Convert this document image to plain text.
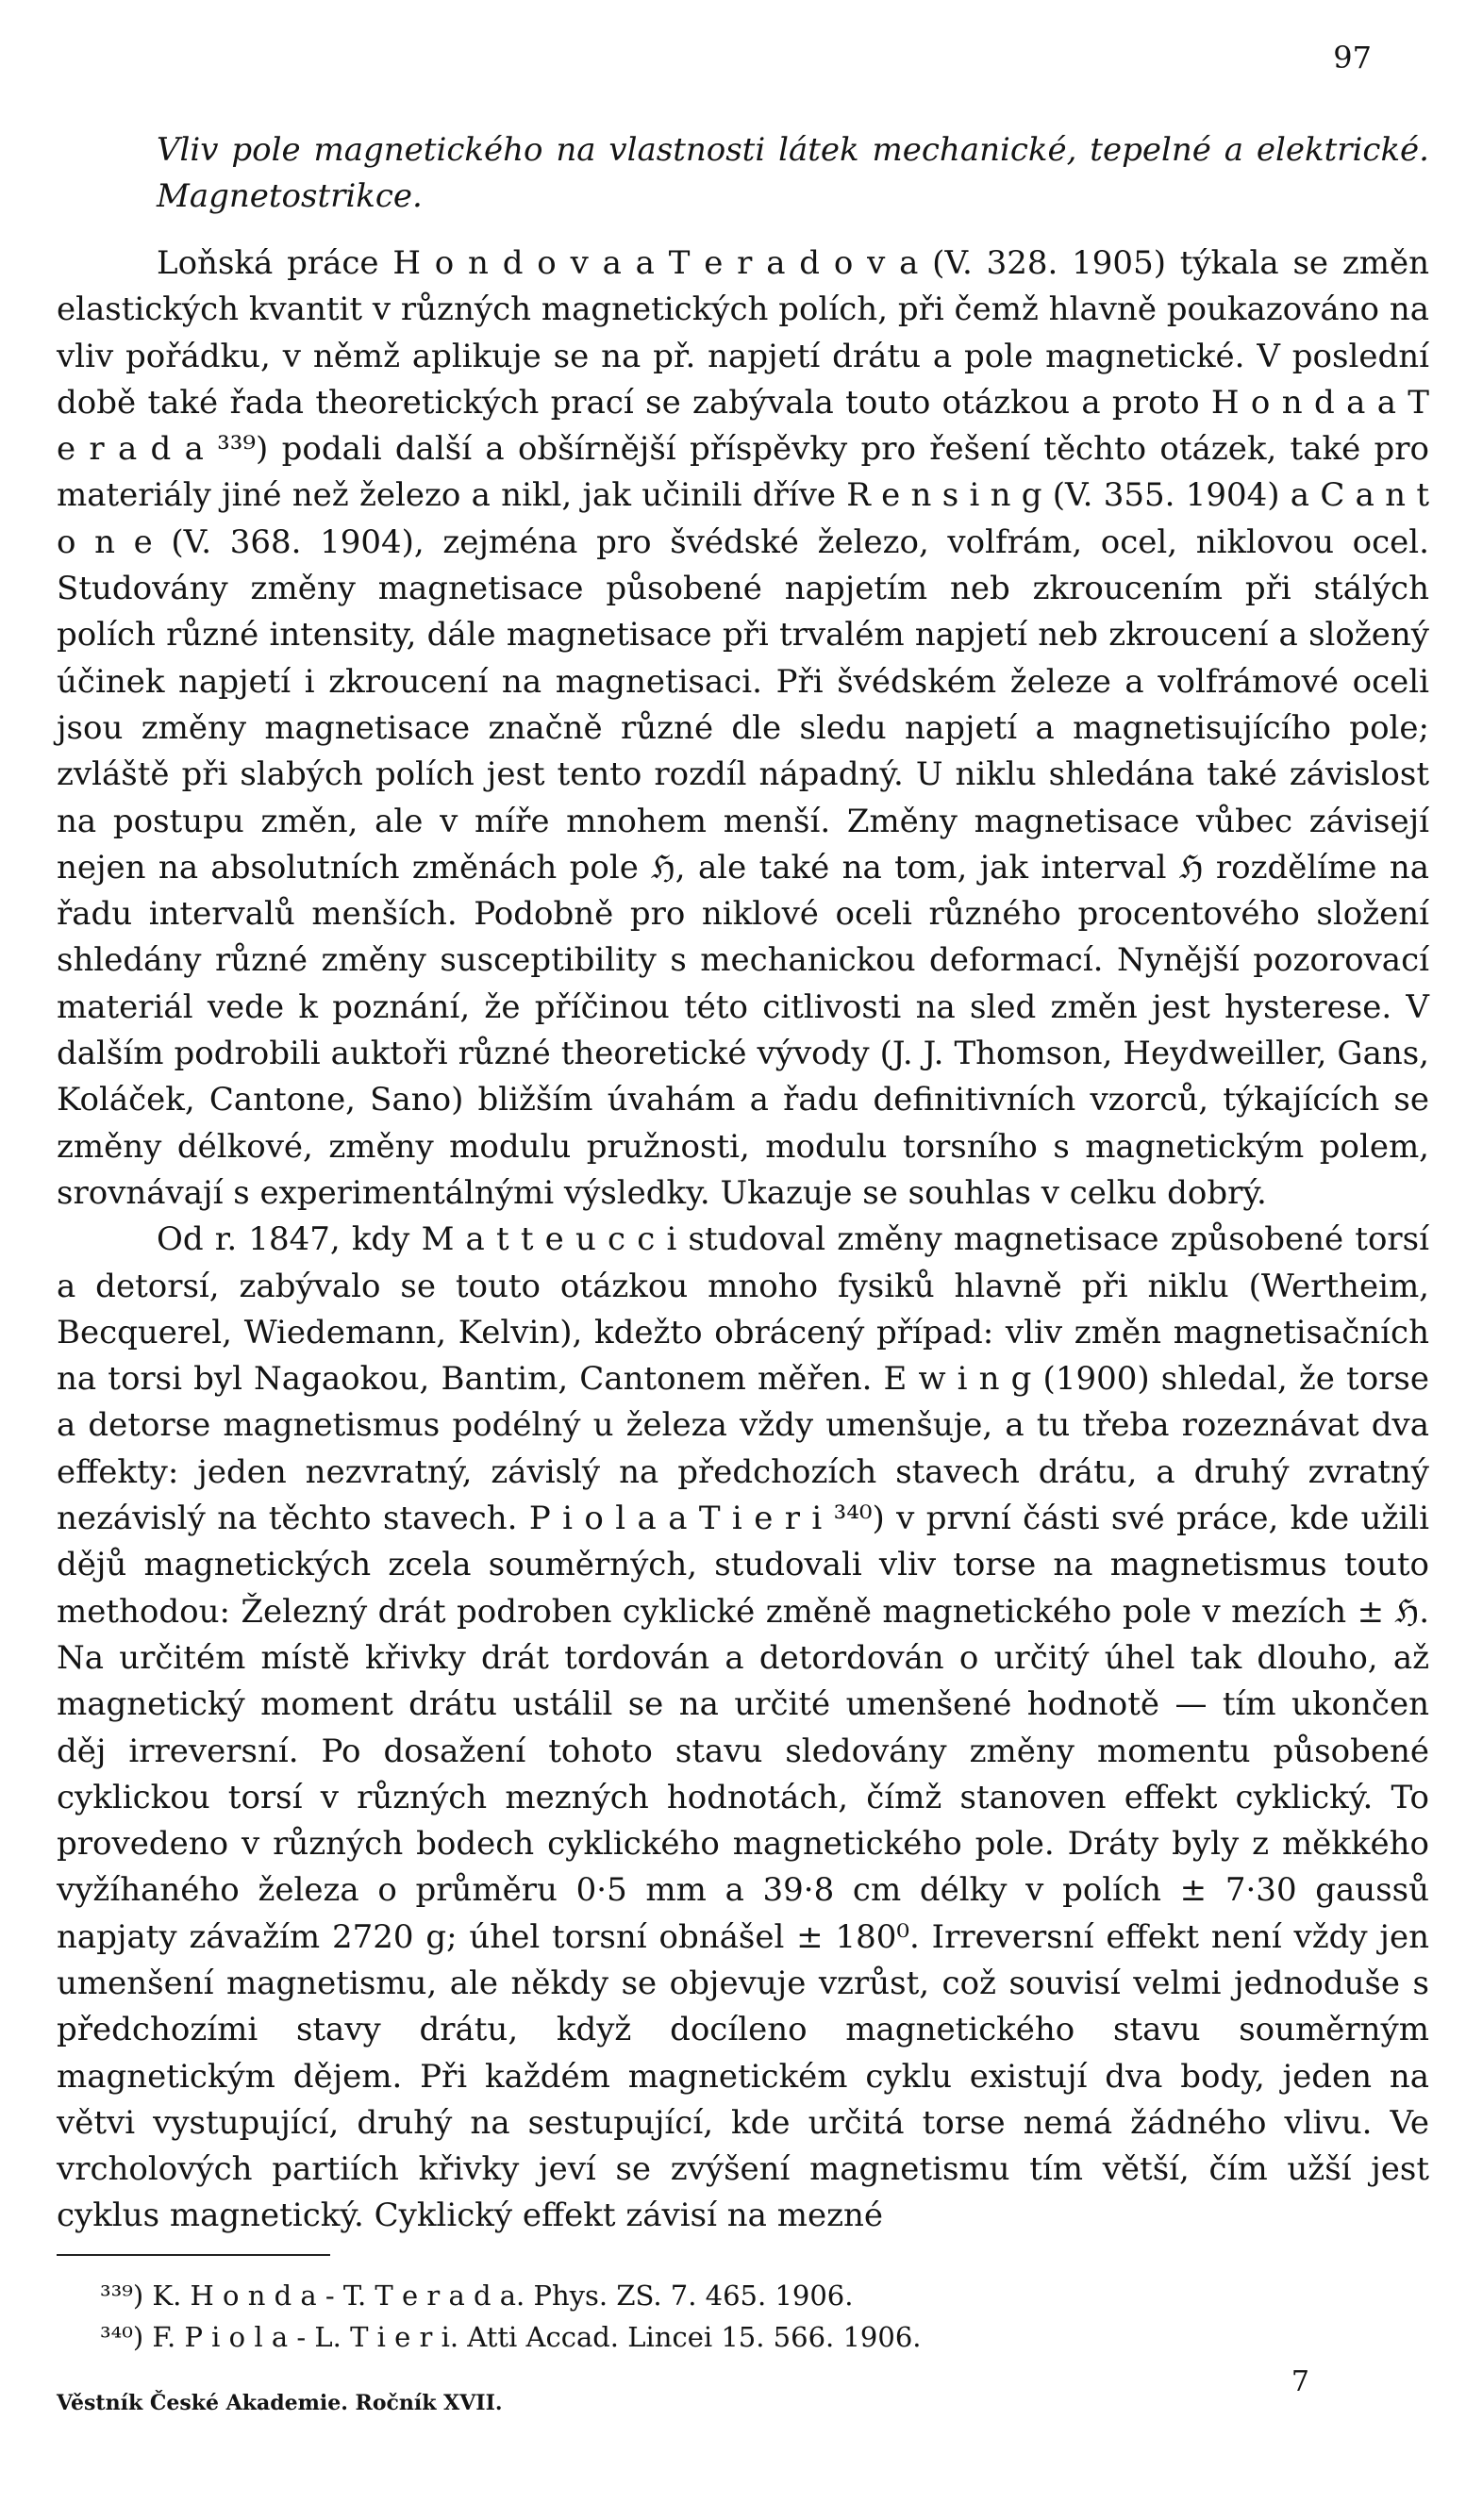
97

Vliv pole magnetického na vlastnosti látek mechanické, tepelné a elektrické. Magnetostrikce.

Loňská práce H o n d o v a a T e r a d o v a (V. 328. 1905) týkala se změn elastických kvantit v různých magnetických polích, při čemž hlavně poukazováno na vliv pořádku, v němž aplikuje se na př. napjetí drátu a pole magnetické. V poslední době také řada theoretických prací se zabývala touto otázkou a proto H o n d a a T e r a d a ³³⁹) podali další a obšírnější příspěvky pro řešení těchto otázek, také pro materiály jiné než železo a nikl, jak učinili dříve R e n s i n g (V. 355. 1904) a C a n t o n e (V. 368. 1904), zejména pro švédské železo, volfrám, ocel, niklovou ocel. Studovány změny magnetisace působené napjetím neb zkroucením při stálých polích různé intensity, dále magnetisace při trvalém napjetí neb zkroucení a složený účinek napjetí i zkroucení na magnetisaci. Při švédském železe a volfrámové oceli jsou změny magnetisace značně různé dle sledu napjetí a magnetisujícího pole; zvláště při slabých polích jest tento rozdíl nápadný. U niklu shledána také závislost na postupu změn, ale v míře mnohem menší. Změny magnetisace vůbec závisejí nejen na absolutních změnách pole ℌ, ale také na tom, jak interval ℌ rozdělíme na řadu intervalů menších. Podobně pro niklové oceli různého procentového složení shledány různé změny susceptibility s mechanickou deformací. Nynější pozorovací materiál vede k poznání, že příčinou této citlivosti na sled změn jest hysterese. V dalším podrobili auktoři různé theoretické vývody (J. J. Thomson, Heydweiller, Gans, Koláček, Cantone, Sano) bližším úvahám a řadu definitivních vzorců, týkajících se změny délkové, změny modulu pružnosti, modulu torsního s magnetickým polem, srovnávají s experimentálnými výsledky. Ukazuje se souhlas v celku dobrý.

Od r. 1847, kdy M a t t e u c c i studoval změny magnetisace způsobené torsí a detorsí, zabývalo se touto otázkou mnoho fysiků hlavně při niklu (Wertheim, Becquerel, Wiedemann, Kelvin), kdežto obrácený případ: vliv změn magnetisačních na torsi byl Nagaokou, Bantim, Cantonem měřen. E w i n g (1900) shledal, že torse a detorse magnetismus podélný u železa vždy umenšuje, a tu třeba rozeznávat dva effekty: jeden nezvratný, závislý na předchozích stavech drátu, a druhý zvratný nezávislý na těchto stavech. P i o l a a T i e r i ³⁴⁰) v první části své práce, kde užili dějů magnetických zcela souměrných, studovali vliv torse na magnetismus touto methodou: Železný drát podroben cyklické změně magnetického pole v mezích ± ℌ. Na určitém místě křivky drát tordován a detordován o určitý úhel tak dlouho, až magnetický moment drátu ustálil se na určité umenšené hodnotě — tím ukončen děj irreversní. Po dosažení tohoto stavu sledovány změny momentu působené cyklickou torsí v různých mezných hodnotách, čímž stanoven effekt cyklický. To provedeno v různých bodech cyklického magnetického pole. Dráty byly z měkkého vyžíhaného železa o průměru 0·5 mm a 39·8 cm délky v polích ± 7·30 gaussů napjaty závažím 2720 g; úhel torsní obnášel ± 180⁰. Irreversní effekt není vždy jen umenšení magnetismu, ale někdy se objevuje vzrůst, což souvisí velmi jednoduše s předchozími stavy drátu, když docíleno magnetického stavu souměrným magnetickým dějem. Při každém magnetickém cyklu existují dva body, jeden na větvi vystupující, druhý na sestupující, kde určitá torse nemá žádného vlivu. Ve vrcholových partiích křivky jeví se zvýšení magnetismu tím větší, čím užší jest cyklus magnetický. Cyklický effekt závisí na mezné

³³⁹) K. H o n d a - T. T e r a d a. Phys. ZS. 7. 465. 1906.

³⁴⁰) F. P i o l a - L. T i e r i. Atti Accad. Lincei 15. 566. 1906.

Věstník České Akademie. Ročník XVII.
7
